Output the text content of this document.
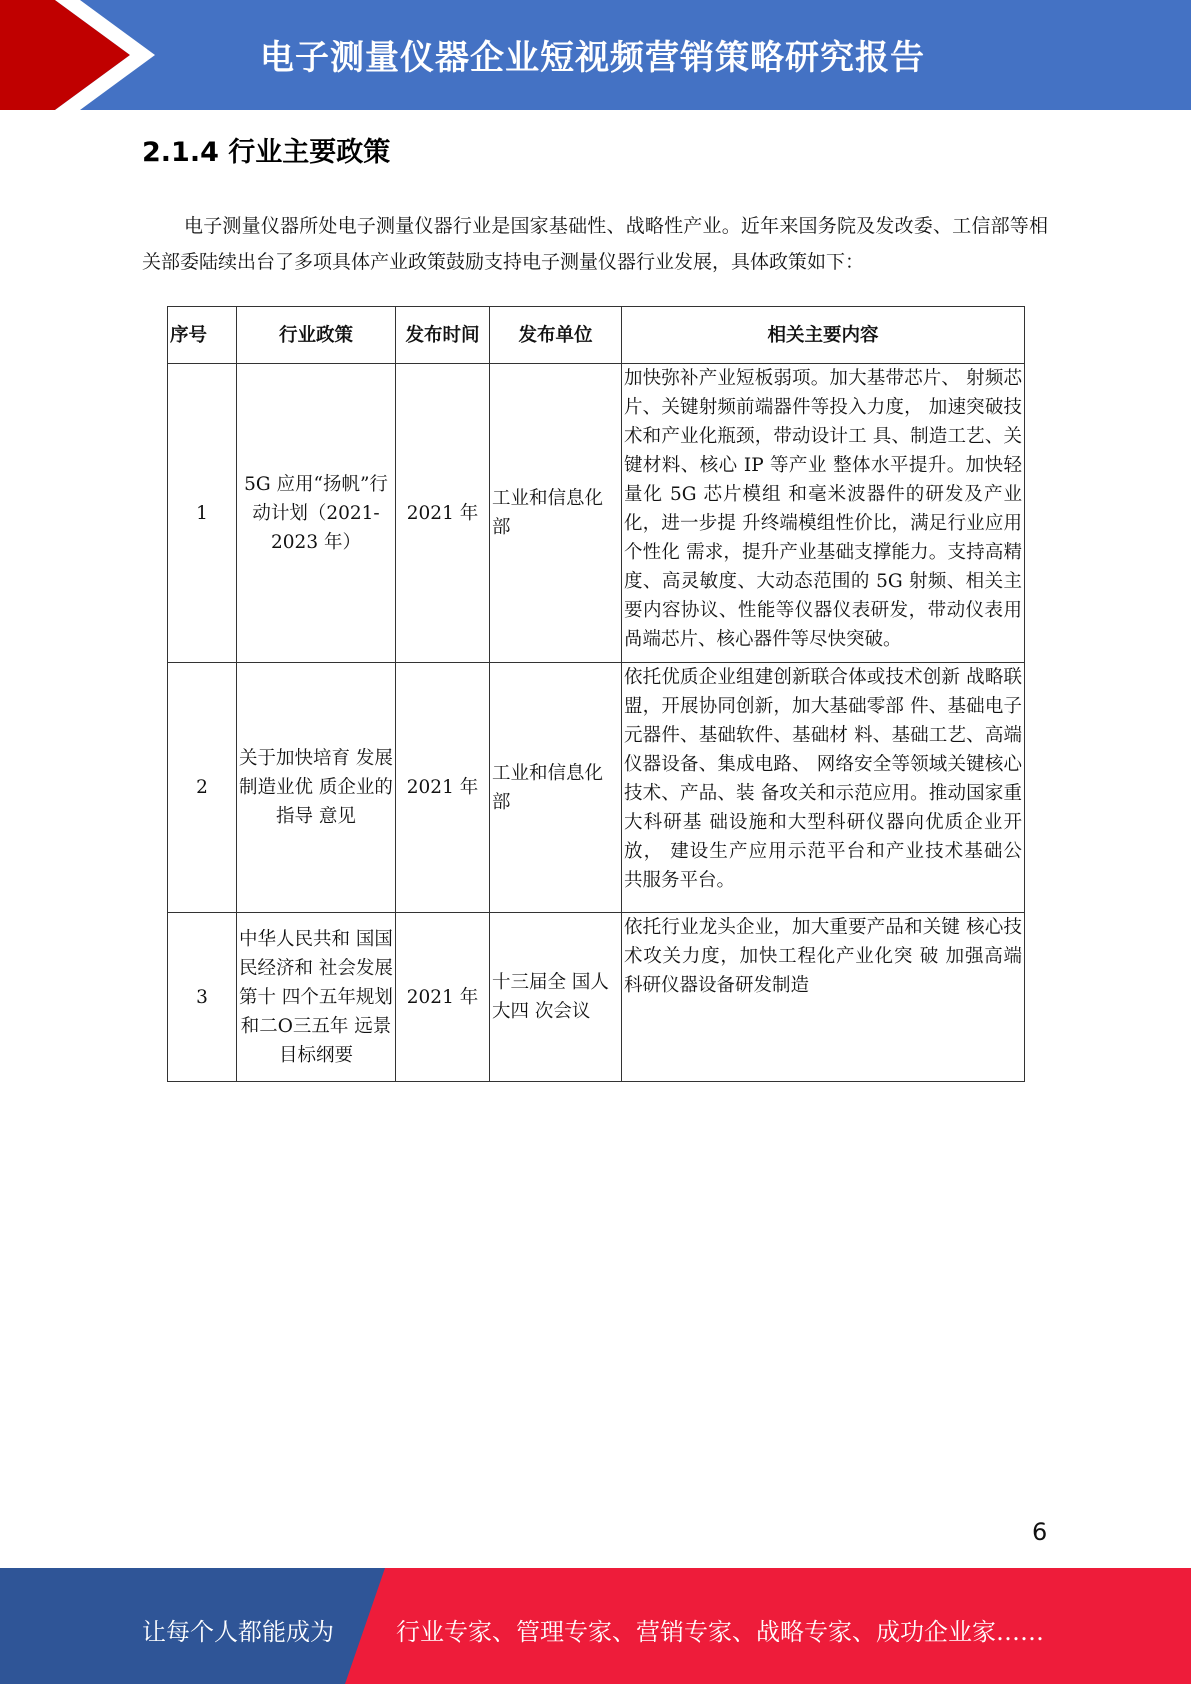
电子测量仪器企业短视频营销策略研究报告
2.1.4 行业主要政策

电子测量仪器所处电子测量仪器行业是国家基础性、战略性产业。近年来国务院及发改委、工信部等相关部委陆续出台了多项具体产业政策鼓励支持电子测量仪器行业发展，具体政策如下：

序号	行业政策	发布时间	发布单位	相关主要内容
1	5G 应用“扬帆”行动计划（2021-2023 年）	2021 年	工业和信息化部	加快弥补产业短板弱项。加大基带芯片、 射频芯片、关键射频前端器件等投入力度， 加速突破技术和产业化瓶颈，带动设计工 具、制造工艺、关键材料、核心 IP 等产业 整体水平提升。加快轻量化 5G 芯片模组 和毫米波器件的研发及产业化，进一步提 升终端模组性价比，满足行业应用个性化 需求，提升产业基础支撑能力。支持高精 度、高灵敏度、大动态范围的 5G 射频、相关主要内容协议、性能等仪器仪表研发，带动仪表用 咼端芯片、核心器件等尽快突破。
2	关于加快培育 发展制造业优 质企业的指导 意见	2021 年	工业和信息化部	依托优质企业组建创新联合体或技术创新 战略联盟，开展协同创新，加大基础零部 件、基础电子元器件、基础软件、基础材 料、基础工艺、高端仪器设备、集成电路、 网络安全等领域关键核心技术、产品、装 备攻关和示范应用。推动国家重大科研基 础设施和大型科研仪器向优质企业开放， 建设生产应用示范平台和产业技术基础公 共服务平台。
3	中华人民共和 国国民经济和 社会发展第十 四个五年规划 和二O三五年 远景目标纲要	2021 年	十三届全 国人大四 次会议	依托行业龙头企业，加大重要产品和关键 核心技术攻关力度，加快工程化产业化突 破 加强高端科研仪器设备研发制造
6
让每个人都能成为	行业专家、管理专家、营销专家、战略专家、成功企业家……
